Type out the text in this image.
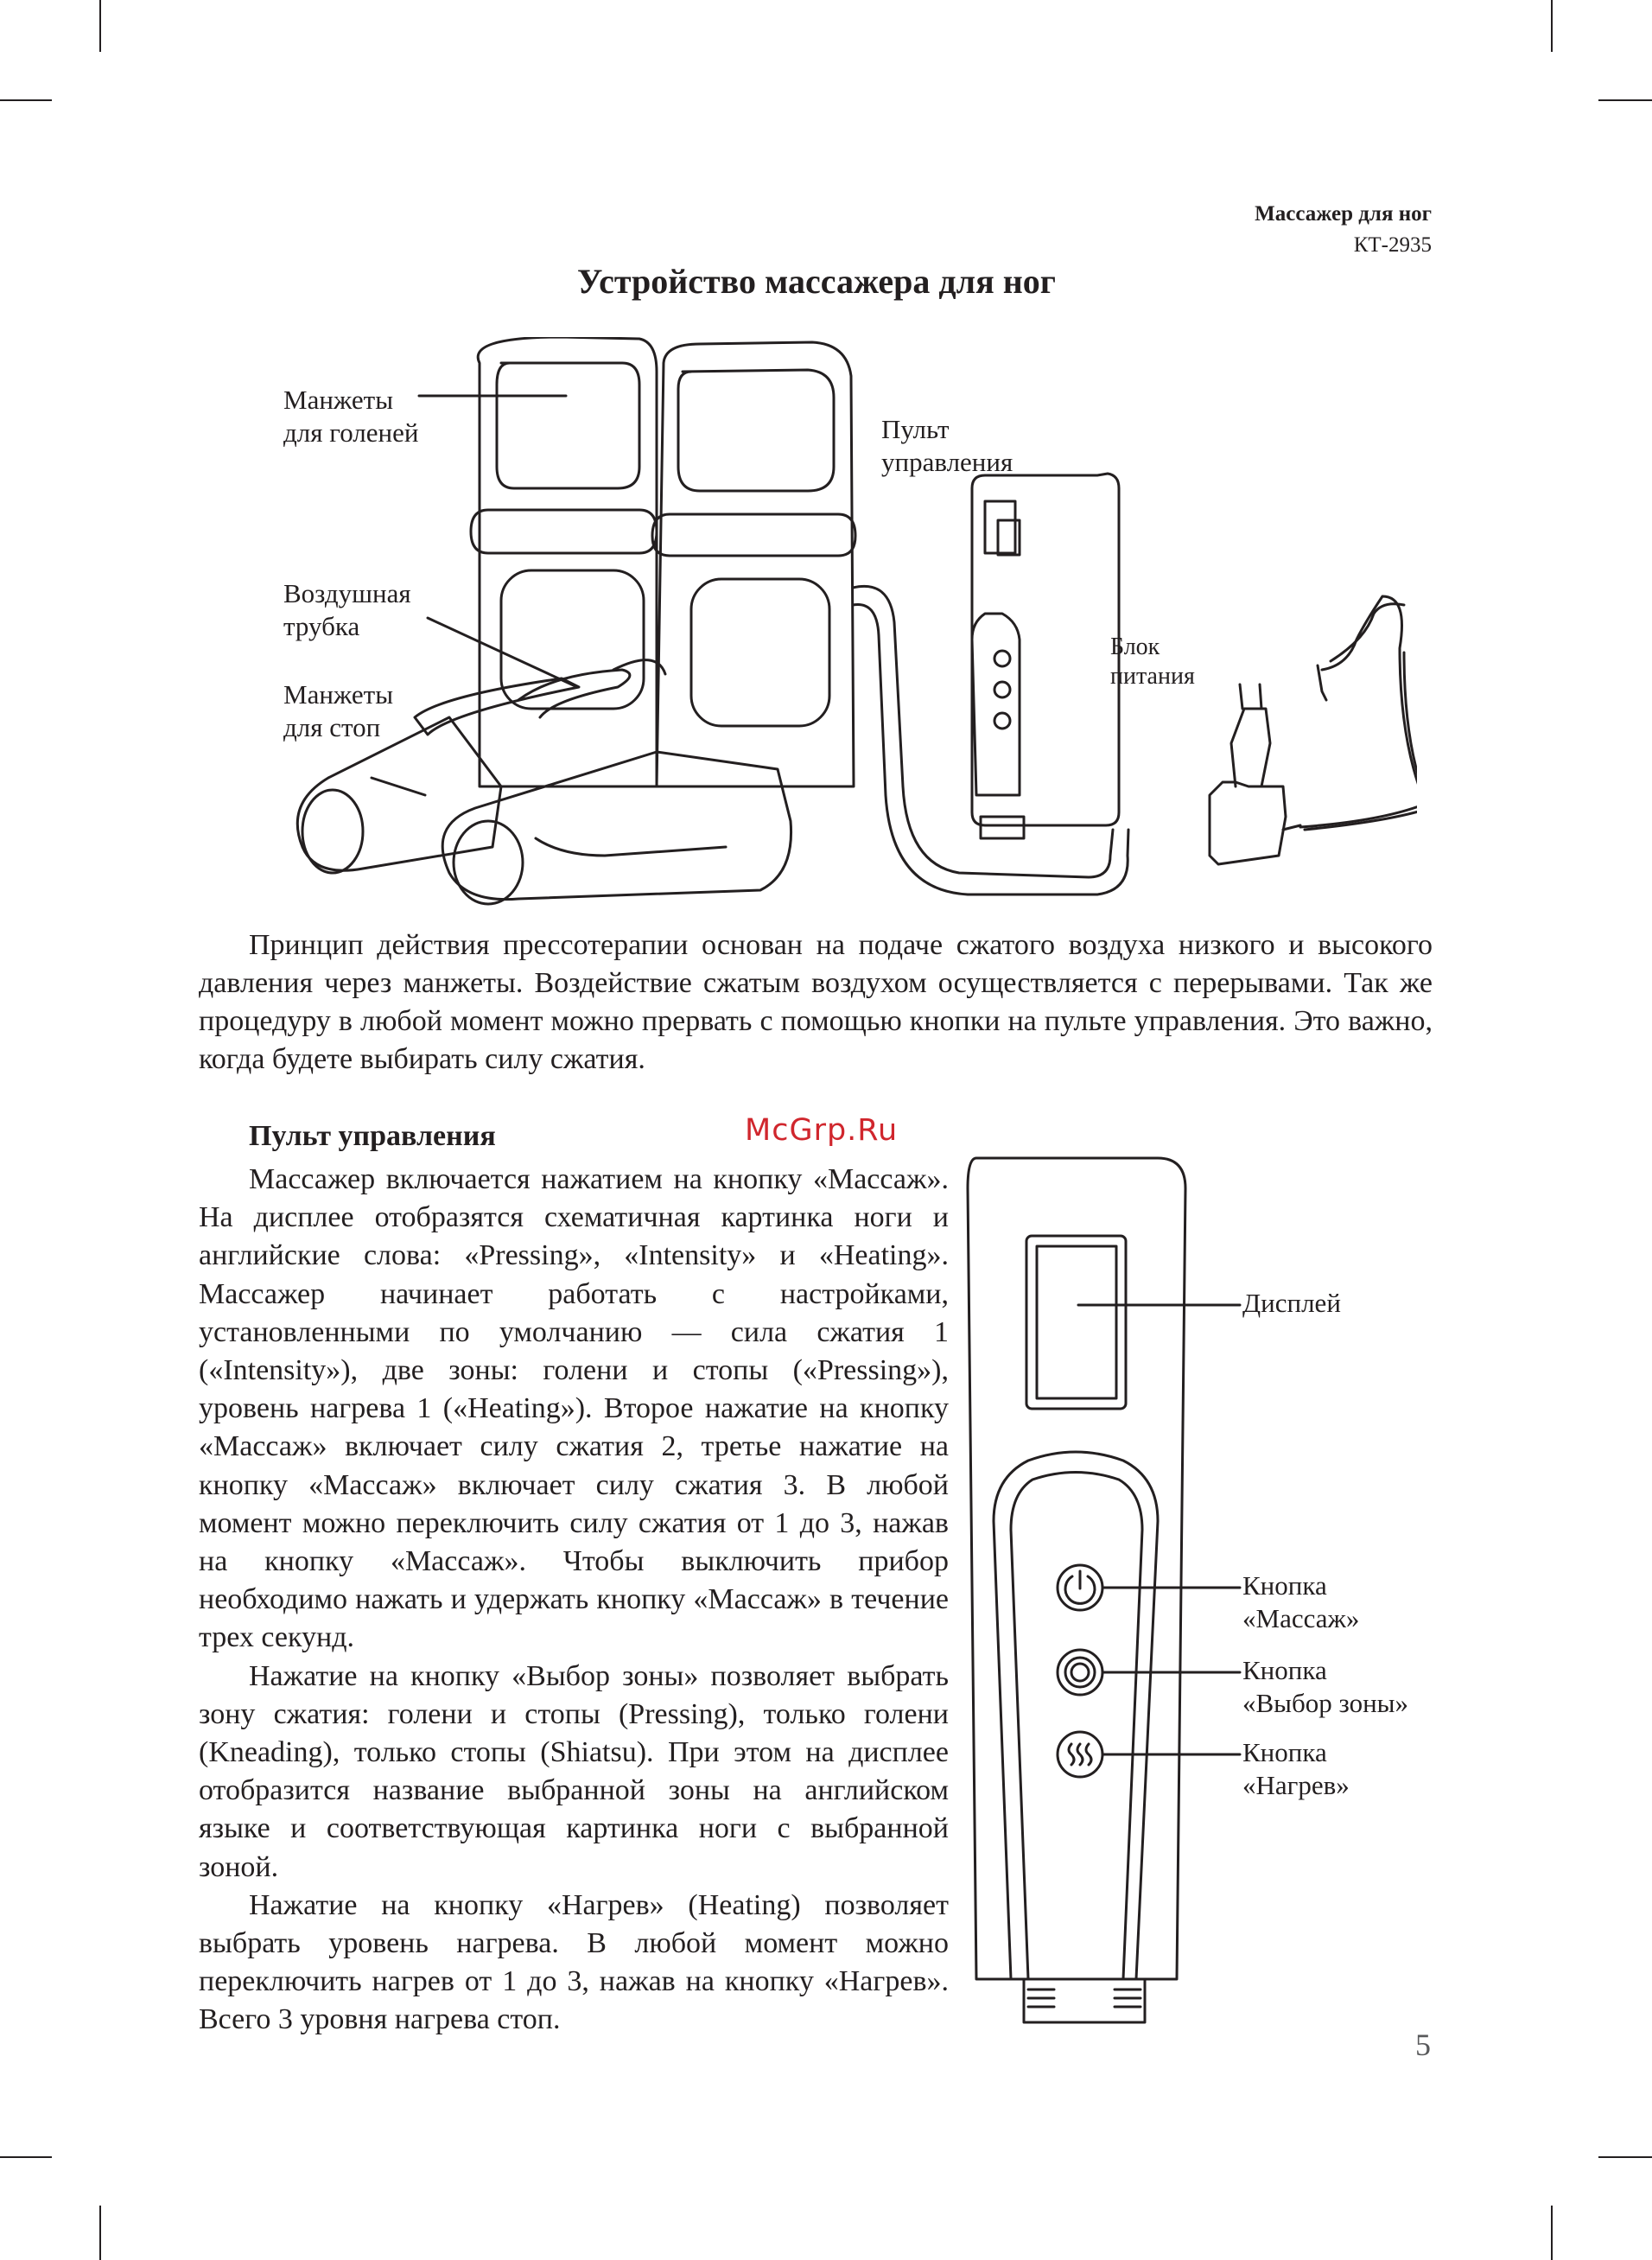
Массажер для ног
КТ-2935
Устройство массажера для ног
Манжеты
для голеней
Воздушная
трубка
Манжеты
для стоп
Пульт
управления
Блок
питания

Принцип действия прессотерапии основан на подаче сжатого воздуха низкого и высокого давления через манжеты. Воздействие сжатым воздухом осуществляется с перерывами. Так же процедуру в любой момент можно прервать с помощью кнопки на пульте управления. Это важно, когда будете выбирать силу сжатия.

McGrp.Ru
Пульт управления

Массажер включается нажатием на кнопку «Массаж». На дисплее отобразятся схематичная картинка ноги и английские слова: «Pressing», «Intensity» и «Heating». Массажер начинает работать с настройками, установленными по умолчанию — сила сжатия 1 («Intensity»), две зоны: голени и стопы («Pressing»), уровень нагрева 1 («Heating»). Второе нажатие на кнопку «Массаж» включает силу сжатия 2, третье нажатие на кнопку «Массаж» включает силу сжатия 3. В любой момент можно переключить силу сжатия от 1 до 3, нажав на кнопку «Массаж». Чтобы выключить прибор необходимо нажать и удержать кнопку «Массаж» в течение трех секунд.

Нажатие на кнопку «Выбор зоны» позволяет выбрать зону сжатия: голени и стопы (Pressing), только голени (Kneading), только стопы (Shiatsu). При этом на дисплее отобразится название выбранной зоны на английском языке и соответствующая картинка ноги с выбранной зоной.

Нажатие на кнопку «Нагрев» (Heating) позволяет выбрать уровень нагрева. В любой момент можно переключить нагрев от 1 до 3, нажав на кнопку «Нагрев». Всего 3 уровня нагрева стоп.

Дисплей
Кнопка
«Массаж»
Кнопка
«Выбор зоны»
Кнопка
«Нагрев»
5
